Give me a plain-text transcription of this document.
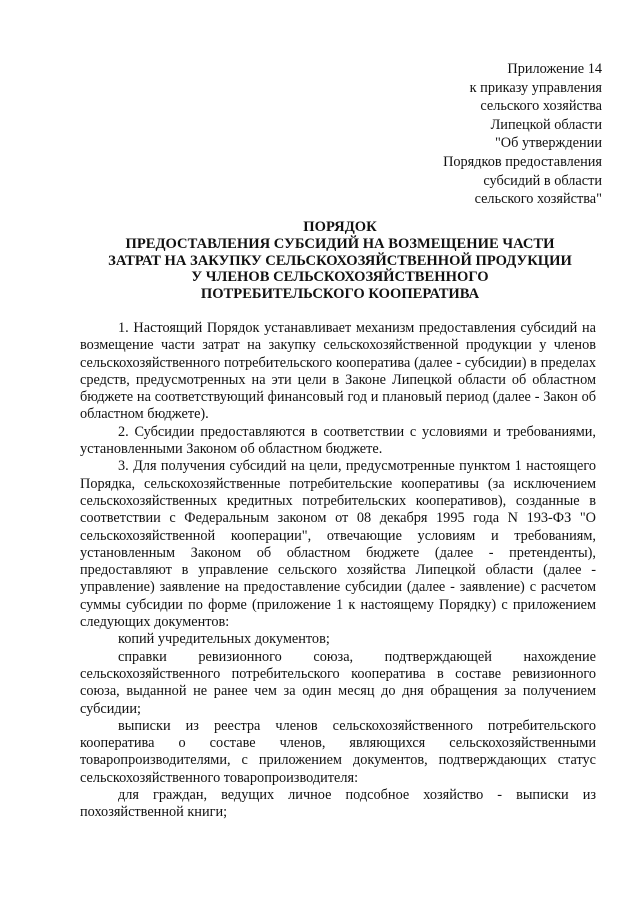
Приложение 14
к приказу управления
сельского хозяйства
Липецкой области
"Об утверждении
Порядков предоставления
субсидий в области
сельского хозяйства"
ПОРЯДОК
ПРЕДОСТАВЛЕНИЯ СУБСИДИЙ НА ВОЗМЕЩЕНИЕ ЧАСТИ
ЗАТРАТ НА ЗАКУПКУ СЕЛЬСКОХОЗЯЙСТВЕННОЙ ПРОДУКЦИИ
У ЧЛЕНОВ СЕЛЬСКОХОЗЯЙСТВЕННОГО
ПОТРЕБИТЕЛЬСКОГО КООПЕРАТИВА

1. Настоящий Порядок устанавливает механизм предоставления субсидий на возмещение части затрат на закупку сельскохозяйственной продукции у членов сельскохозяйственного потребительского кооператива (далее - субсидии) в пределах средств, предусмотренных на эти цели в Законе Липецкой области об областном бюджете на соответствующий финансовый год и плановый период (далее - Закон об областном бюджете).

2. Субсидии предоставляются в соответствии с условиями и требованиями, установленными Законом об областном бюджете.

3. Для получения субсидий на цели, предусмотренные пунктом 1 настоящего Порядка, сельскохозяйственные потребительские кооперативы (за исключением сельскохозяйственных кредитных потребительских кооперативов), созданные в соответствии с Федеральным законом от 08 декабря 1995 года N 193-ФЗ "О сельскохозяйственной кооперации", отвечающие условиям и требованиям, установленным Законом об областном бюджете (далее - претенденты), предоставляют в управление сельского хозяйства Липецкой области (далее - управление) заявление на предоставление субсидии (далее - заявление) с расчетом суммы субсидии по форме (приложение 1 к настоящему Порядку) с приложением следующих документов:

копий учредительных документов;

справки ревизионного союза, подтверждающей нахождение сельскохозяйственного потребительского кооператива в составе ревизионного союза, выданной не ранее чем за один месяц до дня обращения за получением субсидии;

выписки из реестра членов сельскохозяйственного потребительского кооператива о составе членов, являющихся сельскохозяйственными товаропроизводителями, с приложением документов, подтверждающих статус сельскохозяйственного товаропроизводителя:

для граждан, ведущих личное подсобное хозяйство - выписки из похозяйственной книги;
